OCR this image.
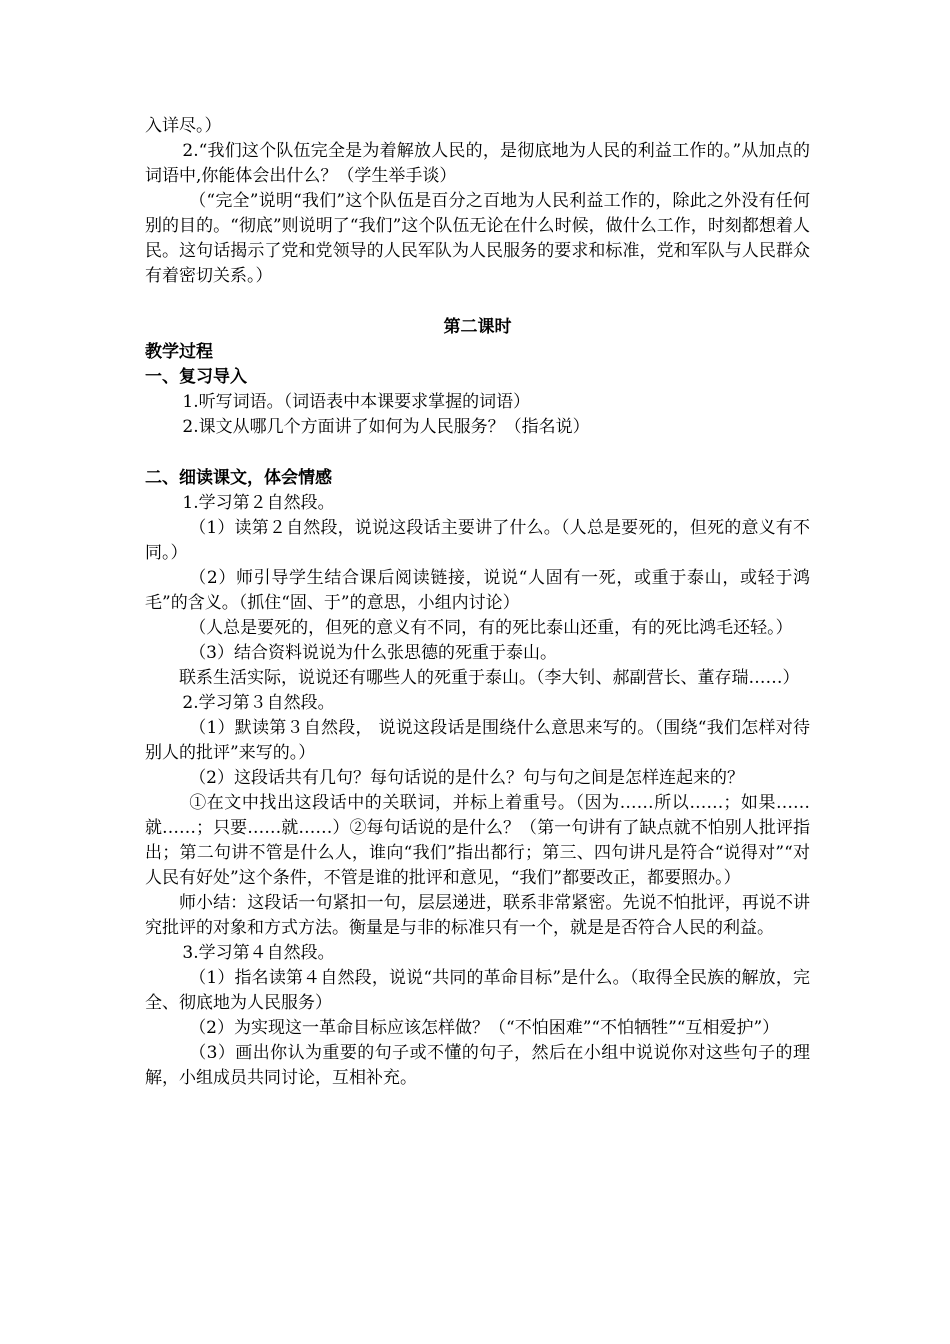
入详尽。）

2.“我们这个队伍完全是为着解放人民的，是彻底地为人民的利益工作的。”从加点的词语中,你能体会出什么？（学生举手谈）

（“完全”说明“我们”这个队伍是百分之百地为人民利益工作的，除此之外没有任何别的目的。“彻底”则说明了“我们”这个队伍无论在什么时候，做什么工作，时刻都想着人民。这句话揭示了党和党领导的人民军队为人民服务的要求和标准，党和军队与人民群众有着密切关系。）

第二课时

教学过程

一、复习导入

1.听写词语。（词语表中本课要求掌握的词语）

2.课文从哪几个方面讲了如何为人民服务？（指名说）

二、细读课文，体会情感

1.学习第２自然段。

（1）读第２自然段，说说这段话主要讲了什么。（人总是要死的，但死的意义有不同。）

（2）师引导学生结合课后阅读链接，说说“人固有一死，或重于泰山，或轻于鸿毛”的含义。（抓住“固、于”的意思，小组内讨论）

（人总是要死的，但死的意义有不同，有的死比泰山还重，有的死比鸿毛还轻。）

（3）结合资料说说为什么张思德的死重于泰山。

联系生活实际，说说还有哪些人的死重于泰山。（李大钊、郝副营长、董存瑞……）

2.学习第３自然段。

（1）默读第３自然段， 说说这段话是围绕什么意思来写的。（围绕“我们怎样对待别人的批评”来写的。）

（2）这段话共有几句？每句话说的是什么？句与句之间是怎样连起来的？

①在文中找出这段话中的关联词，并标上着重号。（因为……所以……；如果……就……；只要……就……）②每句话说的是什么？（第一句讲有了缺点就不怕别人批评指出；第二句讲不管是什么人，谁向“我们”指出都行；第三、四句讲凡是符合“说得对”“对人民有好处”这个条件，不管是谁的批评和意见，“我们”都要改正，都要照办。）

师小结：这段话一句紧扣一句，层层递进，联系非常紧密。先说不怕批评，再说不讲究批评的对象和方式方法。衡量是与非的标准只有一个，就是是否符合人民的利益。

3.学习第４自然段。

（1）指名读第４自然段，说说“共同的革命目标”是什么。（取得全民族的解放，完全、彻底地为人民服务）

（2）为实现这一革命目标应该怎样做？（“不怕困难”“不怕牺牲”“互相爱护”）

（3）画出你认为重要的句子或不懂的句子，然后在小组中说说你对这些句子的理解，小组成员共同讨论，互相补充。
